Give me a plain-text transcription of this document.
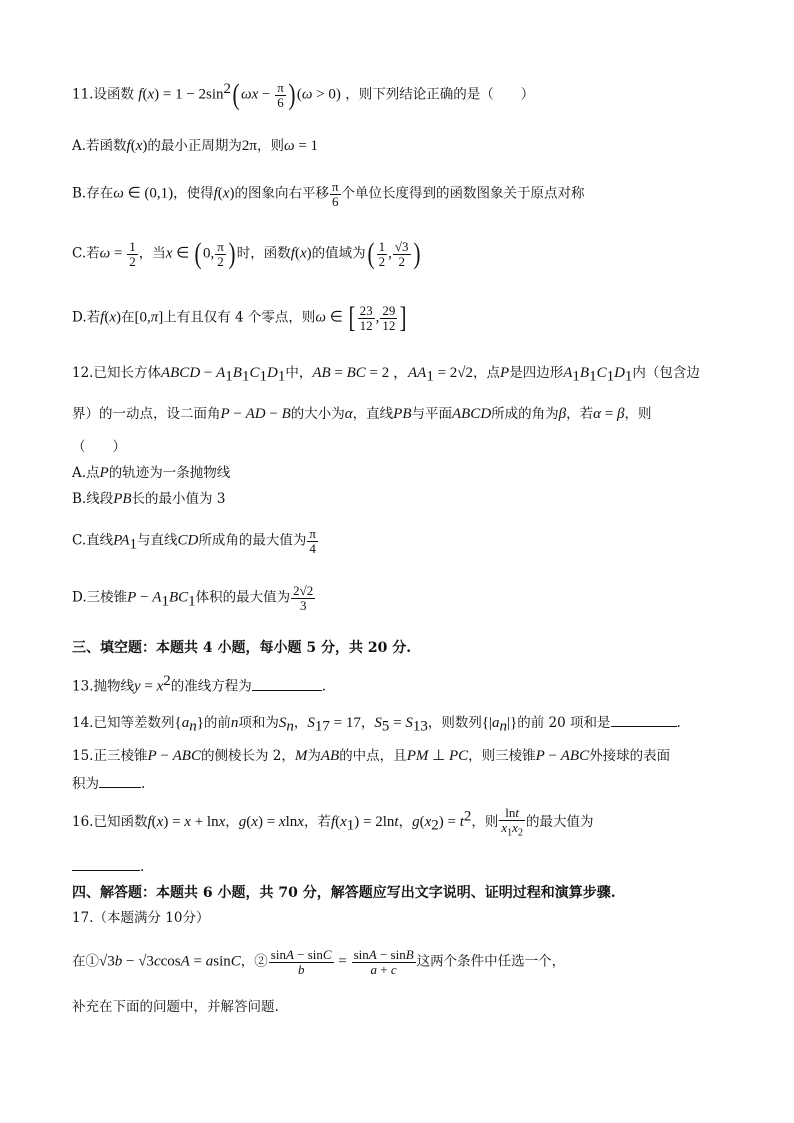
11.设函数 $f(x) = 1 - 2\sin^2$( $\omega x - \frac{\pi}{6}$ ) (ω > 0) ，则下列结论正确的是（　　）
A.若函数f(x)的最小正周期为2π，则ω = 1
B.存在ω ∈ (0,1)，使得f(x)的图象向右平移 $\frac{\pi}{6}$ 个单位长度得到的函数图象关于原点对称
C.若$\omega = \frac{1}{2}$ ，当x ∈ ( 0, $\frac{\pi}{2}$ ) 时，函数f(x)的值域为( $\frac{1}{2}$ , $\frac{√3}{2}$ )
D.若f(x)在[0,π]上有且仅有 4 个零点，则ω ∈ [ $\frac{23}{12}$ , $\frac{29}{12}$ ]
12.已知长方体ABCD − $A_1B_1C_1D_1$中，AB = BC = 2 ，$AA_1 = 2√2$，点P是四边形$A_1B_1C_1D_1$内（包含边
界）的一动点，设二面角P − AD − B的大小为α，直线PB与平面ABCD所成的角为β，若α = β，则
（　　）
A.点P的轨迹为一条抛物线
B.线段PB长的最小值为 3
C.直线$PA_1$与直线CD所成角的最大值为 $\frac{\pi}{4}$
D.三棱锥$P - A_1BC_1$体积的最大值为 $\frac{2√2}{3}$
三、填空题：本题共 4 小题，每小题 5 分，共 20 分.
13.抛物线$y = x^2$的准线方程为	.
14.已知等差数列$\{a_n\}$的前n项和为$S_n$，$S_{17} = 17$，$S_5 = S_{13}$，则数列$\{|a_n|\}$的前 20 项和是	.
15.正三棱锥P − ABC的侧棱长为 2，M为AB的中点，且PM ⊥ PC，则三棱锥P − ABC外接球的表面
积为	.
16.已知函数f(x) = x + lnx，g(x) = xlnx，若$f(x_1) = 2\ln t$，$g(x_2) = t^2$，则 $\frac{\ln t}{x_1x_2}$ 的最大值为
.
四、解答题：本题共 6 小题，共 70 分，解答题应写出文字说明、证明过程和演算步骤.
17.（本题满分 10分）
在①√3b − √3ccosA = asinC，② $\frac{\sin A - \sin C}{b} = \frac{\sin A - \sin B}{a + c}$ 这两个条件中任选一个，
补充在下面的问题中，并解答问题.
